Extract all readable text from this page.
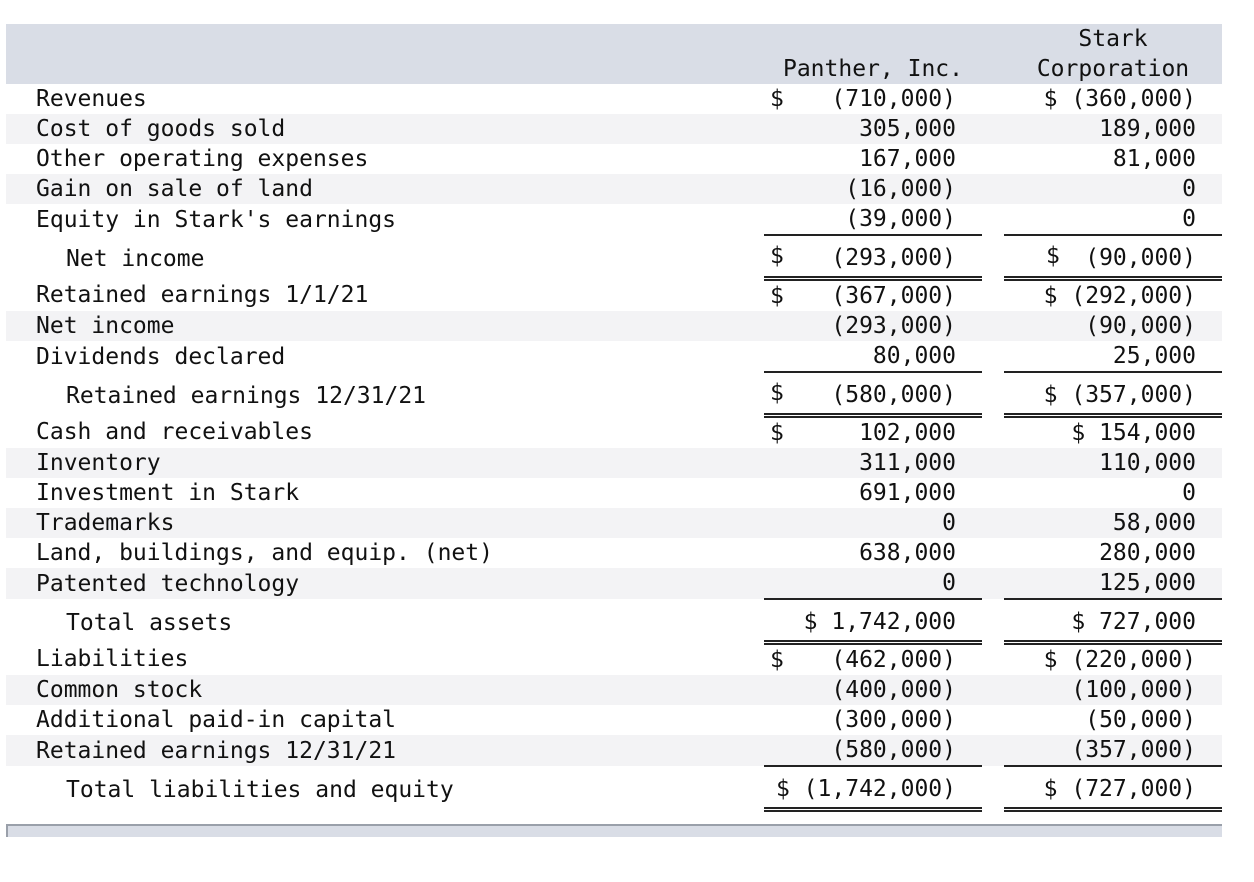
	Panther, Inc.		Stark
Corporation

Revenues	$ (710,000)		$ (360,000)
Cost of goods sold	305,000		189,000
Other operating expenses	167,000		81,000
Gain on sale of land	(16,000)		0
Equity in Stark's earnings	(39,000)		0
Net income	$ (293,000)		$ (90,000)
Retained earnings 1/1/21	$ (367,000)		$ (292,000)
Net income	(293,000)		(90,000)
Dividends declared	80,000		25,000
Retained earnings 12/31/21	$ (580,000)		$ (357,000)
Cash and receivables	$ 102,000		$ 154,000
Inventory	311,000		110,000
Investment in Stark	691,000		0
Trademarks	0		58,000
Land, buildings, and equip. (net)	638,000		280,000
Patented technology	0		125,000
Total assets	$ 1,742,000		$ 727,000
Liabilities	$ (462,000)		$ (220,000)
Common stock	(400,000)		(100,000)
Additional paid-in capital	(300,000)		(50,000)
Retained earnings 12/31/21	(580,000)		(357,000)
Total liabilities and equity	$ (1,742,000)		$ (727,000)
